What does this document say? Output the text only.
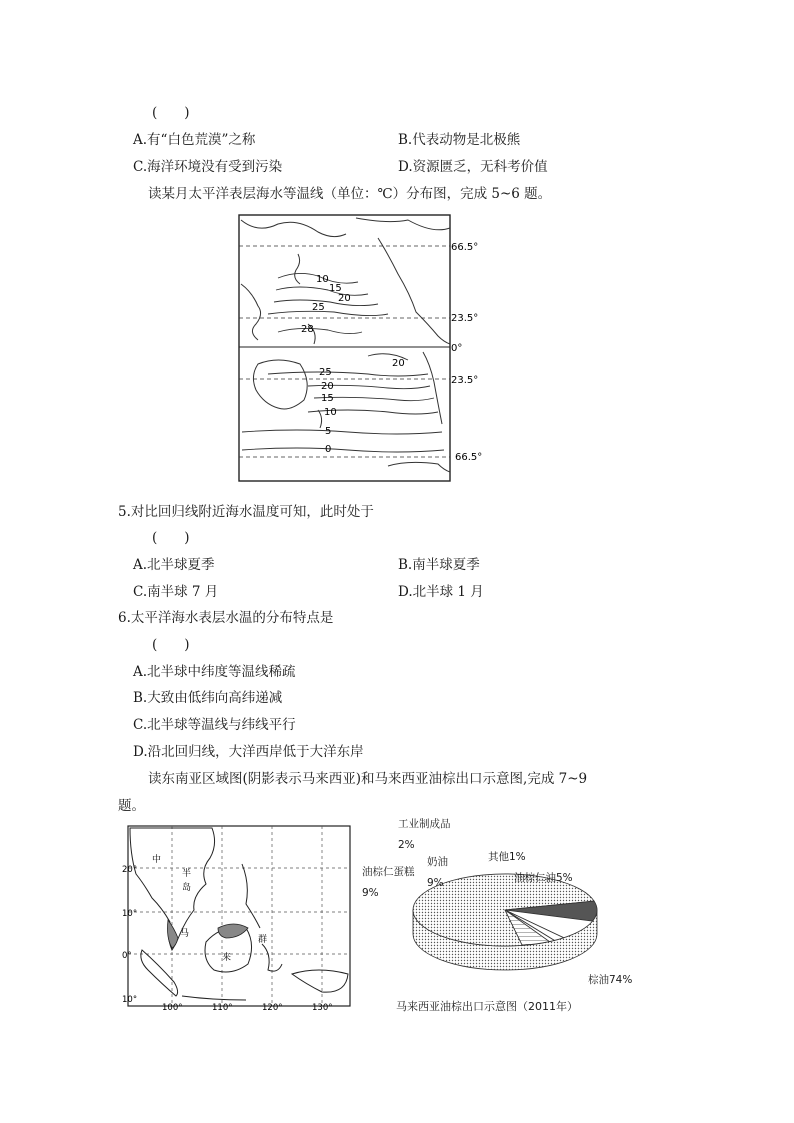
(　　)
A.有“白色荒漠”之称	B.代表动物是北极熊
C.海洋环境没有受到污染	D.资源匮乏，无科考价值
读某月太平洋表层海水等温线（单位：℃）分布图，完成 5~6 题。
10
15
20
25
28
20
25
20
15
10
5
0
66.5°
23.5°
0°
23.5°
66.5°
5.对比回归线附近海水温度可知，此时处于
(　　)
A.北半球夏季	B.南半球夏季
C.南半球 7 月	D.北半球 1 月
6.太平洋海水表层水温的分布特点是
(　　)
A.北半球中纬度等温线稀疏
B.大致由低纬向高纬递减
C.北半球等温线与纬线平行
D.沿北回归线，大洋西岸低于大洋东岸
读东南亚区域图(阴影表示马来西亚)和马来西亚油棕出口示意图,完成 7~9
题。
中
半
岛
马
来
群
20°
10°
0°
10°
100°	110°	120°	130°
工业制成品
2%
油棕仁蛋糕
9%
奶油
9%
其他1%
油棕仁油5%
棕油74%
马来西亚油棕出口示意图（2011年）
